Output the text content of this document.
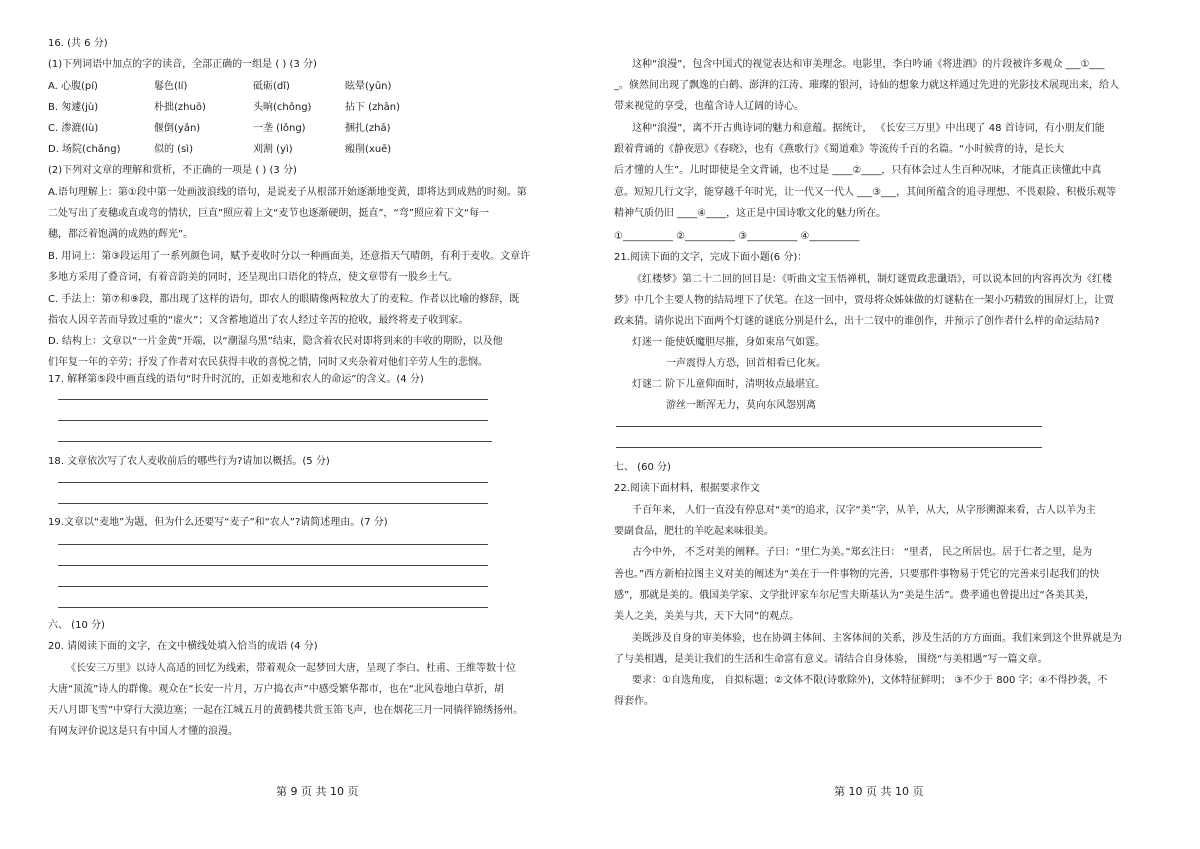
16. (共 6 分)
(1)下列词语中加点的字的读音，全部正确的一组是 ( ) (3 分)
A. 心腹(pí)	鬈色(lí)	砥砺(dǐ)	眩晕(yūn)
B. 匆遽(jù)	朴拙(zhuō)	头晌(chǒng)	拈下 (zhān)
C. 渗漉(lù)	偃倒(yǎn)	一垄 (lǒng)	捆扎(zhā)
D. 场院(chǎng)	似的 (sì)	刈割 (yì)	瘢削(xuē)
(2)下列对文章的理解和赏析，不正确的一项是 ( ) (3 分)
A.语句理解上：第①段中第一处画波浪线的语句，是说麦子从根部开始逐渐地变黄，即将达到成熟的时刻。第
二处写出了麦穗或直或弯的情状，巨直”照应着上文“麦节也逐渐硬朗，挺直”，“弯”照应着下文“每一
穗，都泛着饱满的成熟的辉光”。
B. 用词上：第③段运用了一系列颜色词，赋予麦收时分以一种画面美，还意指天气晴朗，有利于麦收。文章许
多地方采用了叠音词，有着音韵美的同时，还呈现出口语化的特点，使文章带有一股乡土气。
C. 手法上：第⑦和⑨段，都出现了这样的语句，即农人的眼睛像两粒放大了的麦粒。作者以比喻的修辞，既
指农人因辛苦而导致过重的“虚火”；又含蓄地道出了农人经过辛苦的抢收，最终将麦子收到家。
D. 结构上：文章以“一片金黄”开端，以“潮湿乌黑”结束，隐含着农民对即将到来的丰收的期盼，以及他
们年复一年的辛劳；抒发了作者对农民获得丰收的喜悦之情，同时又夹杂着对他们辛劳人生的悲悯。
17. 解释第⑤段中画直线的语句“时升时沉的，正如麦地和农人的命运”的含义。(4 分)
18. 文章依次写了农人麦收前后的哪些行为?请加以概括。(5 分)
19.文章以“麦地”为题，但为什么还要写“麦子”和“农人”?请简述理由。(7 分)
六、 (10 分)
20. 请阅读下面的文字，在文中横线处填入恰当的成语 (4 分)
《长安三万里》以诗人高适的回忆为线索，带着观众一起梦回大唐，呈现了李白、杜甫、王维等数十位
大唐“顶流”诗人的群像。观众在“长安一片月，万户捣衣声”中感受繁华都市，也在“北风卷地白草折，胡
天八月即飞雪”中穿行大漠边塞；一起在江城五月的黄鹤楼共赏玉笛飞声，也在烟花三月一同徜徉锦绣扬州。
有网友评价说这是只有中国人才懂的浪漫。
这种“浪漫”，包含中国式的视觉表达和审美理念。电影里，李白吟诵《将进酒》的片段被许多观众 ___①___
_。倏然间出现了飘逸的白鹤、澎湃的江涛、璀璨的银河，诗仙的想象力就这样通过先进的光影技术展现出来，给人
带来视觉的享受，也蕴含诗人辽阔的诗心。
这种“浪漫”，离不开古典诗词的魅力和意蕴。据统计， 《长安三万里》中出现了 48 首诗词，有小朋友们能
跟着背诵的《静夜思》《春晓》，也有《燕歌行》《蜀道难》等流传千百的名篇。“小时候背的诗，是长大
后才懂的人生”。儿时即使是全文背诵，也不过是 ____②____，只有体会过人生百种况味，才能真正读懂此中真
意。短短几行文字，能穿越千年时光，让一代又一代人 ___③___，其间所蕴含的追寻理想、不畏艰险、积极乐观等
精神气质仍旧 ____④____，这正是中国诗歌文化的魅力所在。
①__________ ②__________ ③__________ ④__________
21.阅读下面的文字，完成下面小题(6 分)：
《红楼梦》第二十二回的回目是：《听曲文宝玉悟禅机，制灯谜贾政悲谶语》，可以说本回的内容再次为《红楼
梦》中几个主要人物的结局埋下了伏笔。在这一回中，贾母将众姊妹做的灯谜粘在一架小巧精致的围屏灯上，让贾
政来猜。请你说出下面两个灯谜的谜底分别是什么，出十二钗中的谁创作，并预示了创作者什么样的命运结局?
灯迷一 能使妖魔胆尽摧，身如束帛气如霆。
一声震得人方恐，回首相看已化灰。
灯谜二 阶下儿童仰面时，清明妆点最堪宜。
游丝一断浑无力，莫向东风怨别离
七、 (60 分)
22.阅读下面材料，根据要求作文
千百年来， 人们一直没有停息对“美”的追求，汉字“美”字，从羊，从大，从字形溯源来看，古人以羊为主
要副食品，肥壮的羊吃起来味很美。
古今中外， 不乏对美的阐释。子曰：“里仁为美。”郑玄注曰： “里者， 民之所居也。居于仁者之里，是为
善也。”西方新柏拉图主义对美的阐述为“美在于一件事物的完善，只要那件事物易于凭它的完善来引起我们的快
感”，那就是美的。俄国美学家、文学批评家车尔尼雪夫斯基认为“美是生活”。费孝通也曾提出过“各美其美，
美人之美，美美与共，天下大同”的观点。
美既涉及自身的审美体验，也在协调主体间、主客体间的关系，涉及生活的方方面面。我们来到这个世界就是为
了与美相遇，是美让我们的生活和生命富有意义。请结合自身体验， 围绕“与美相遇”写一篇文章。
要求：①自选角度， 自拟标题；②文体不限(诗歌除外)，文体特征鲜明； ③不少于 800 字；④不得抄袭，不
得套作。
第 9 页 共 10 页	第 10 页 共 10 页
